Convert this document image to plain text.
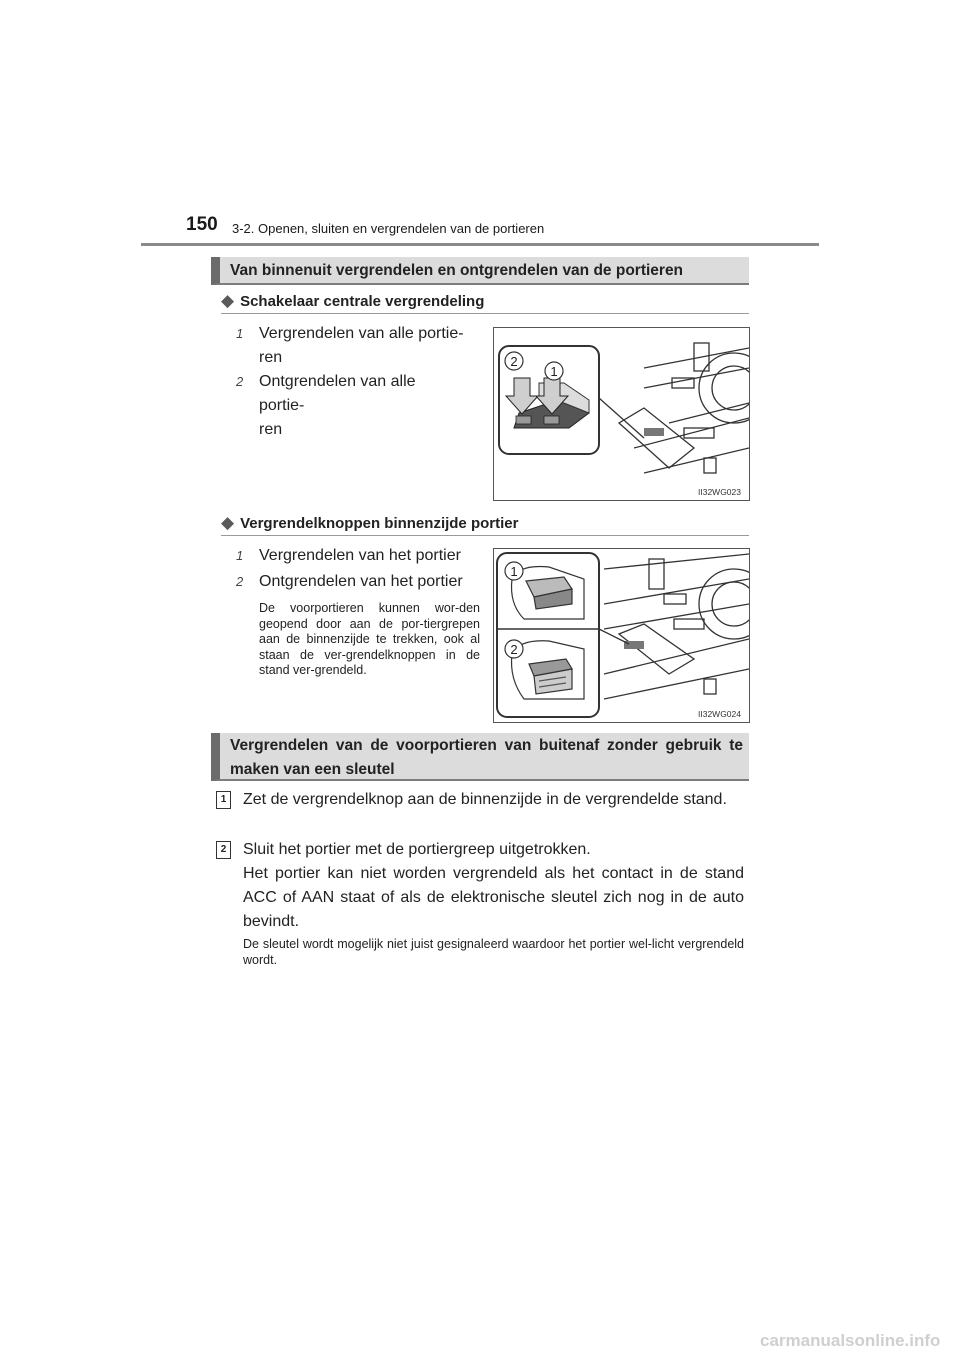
150 3-2. Openen, sluiten en vergrendelen van de portieren
Van binnenuit vergrendelen en ontgrendelen van de portieren
◆ Schakelaar centrale vergrendeling
1 Vergrendelen van alle portie-
ren
2 Ontgrendelen van alle portie-
ren
2
1
II32WG023
◆ Vergrendelknoppen binnenzijde portier
1 Vergrendelen van het portier
2 Ontgrendelen van het portier
De voorportieren kunnen wor-den geopend door aan de por-tiergrepen aan de binnenzijde te trekken, ook al staan de ver-grendelknoppen in de stand ver-grendeld.
1
2
II32WG024
Vergrendelen van de voorportieren van buitenaf zonder gebruik te maken van een sleutel
1	Zet de vergrendelknop aan de binnenzijde in de vergrendelde stand.
2	Sluit het portier met de portiergreep uitgetrokken.
Het portier kan niet worden vergrendeld als het contact in de stand ACC of AAN staat of als de elektronische sleutel zich nog in de auto bevindt.
De sleutel wordt mogelijk niet juist gesignaleerd waardoor het portier wel-licht vergrendeld wordt.
carmanualsonline.info
